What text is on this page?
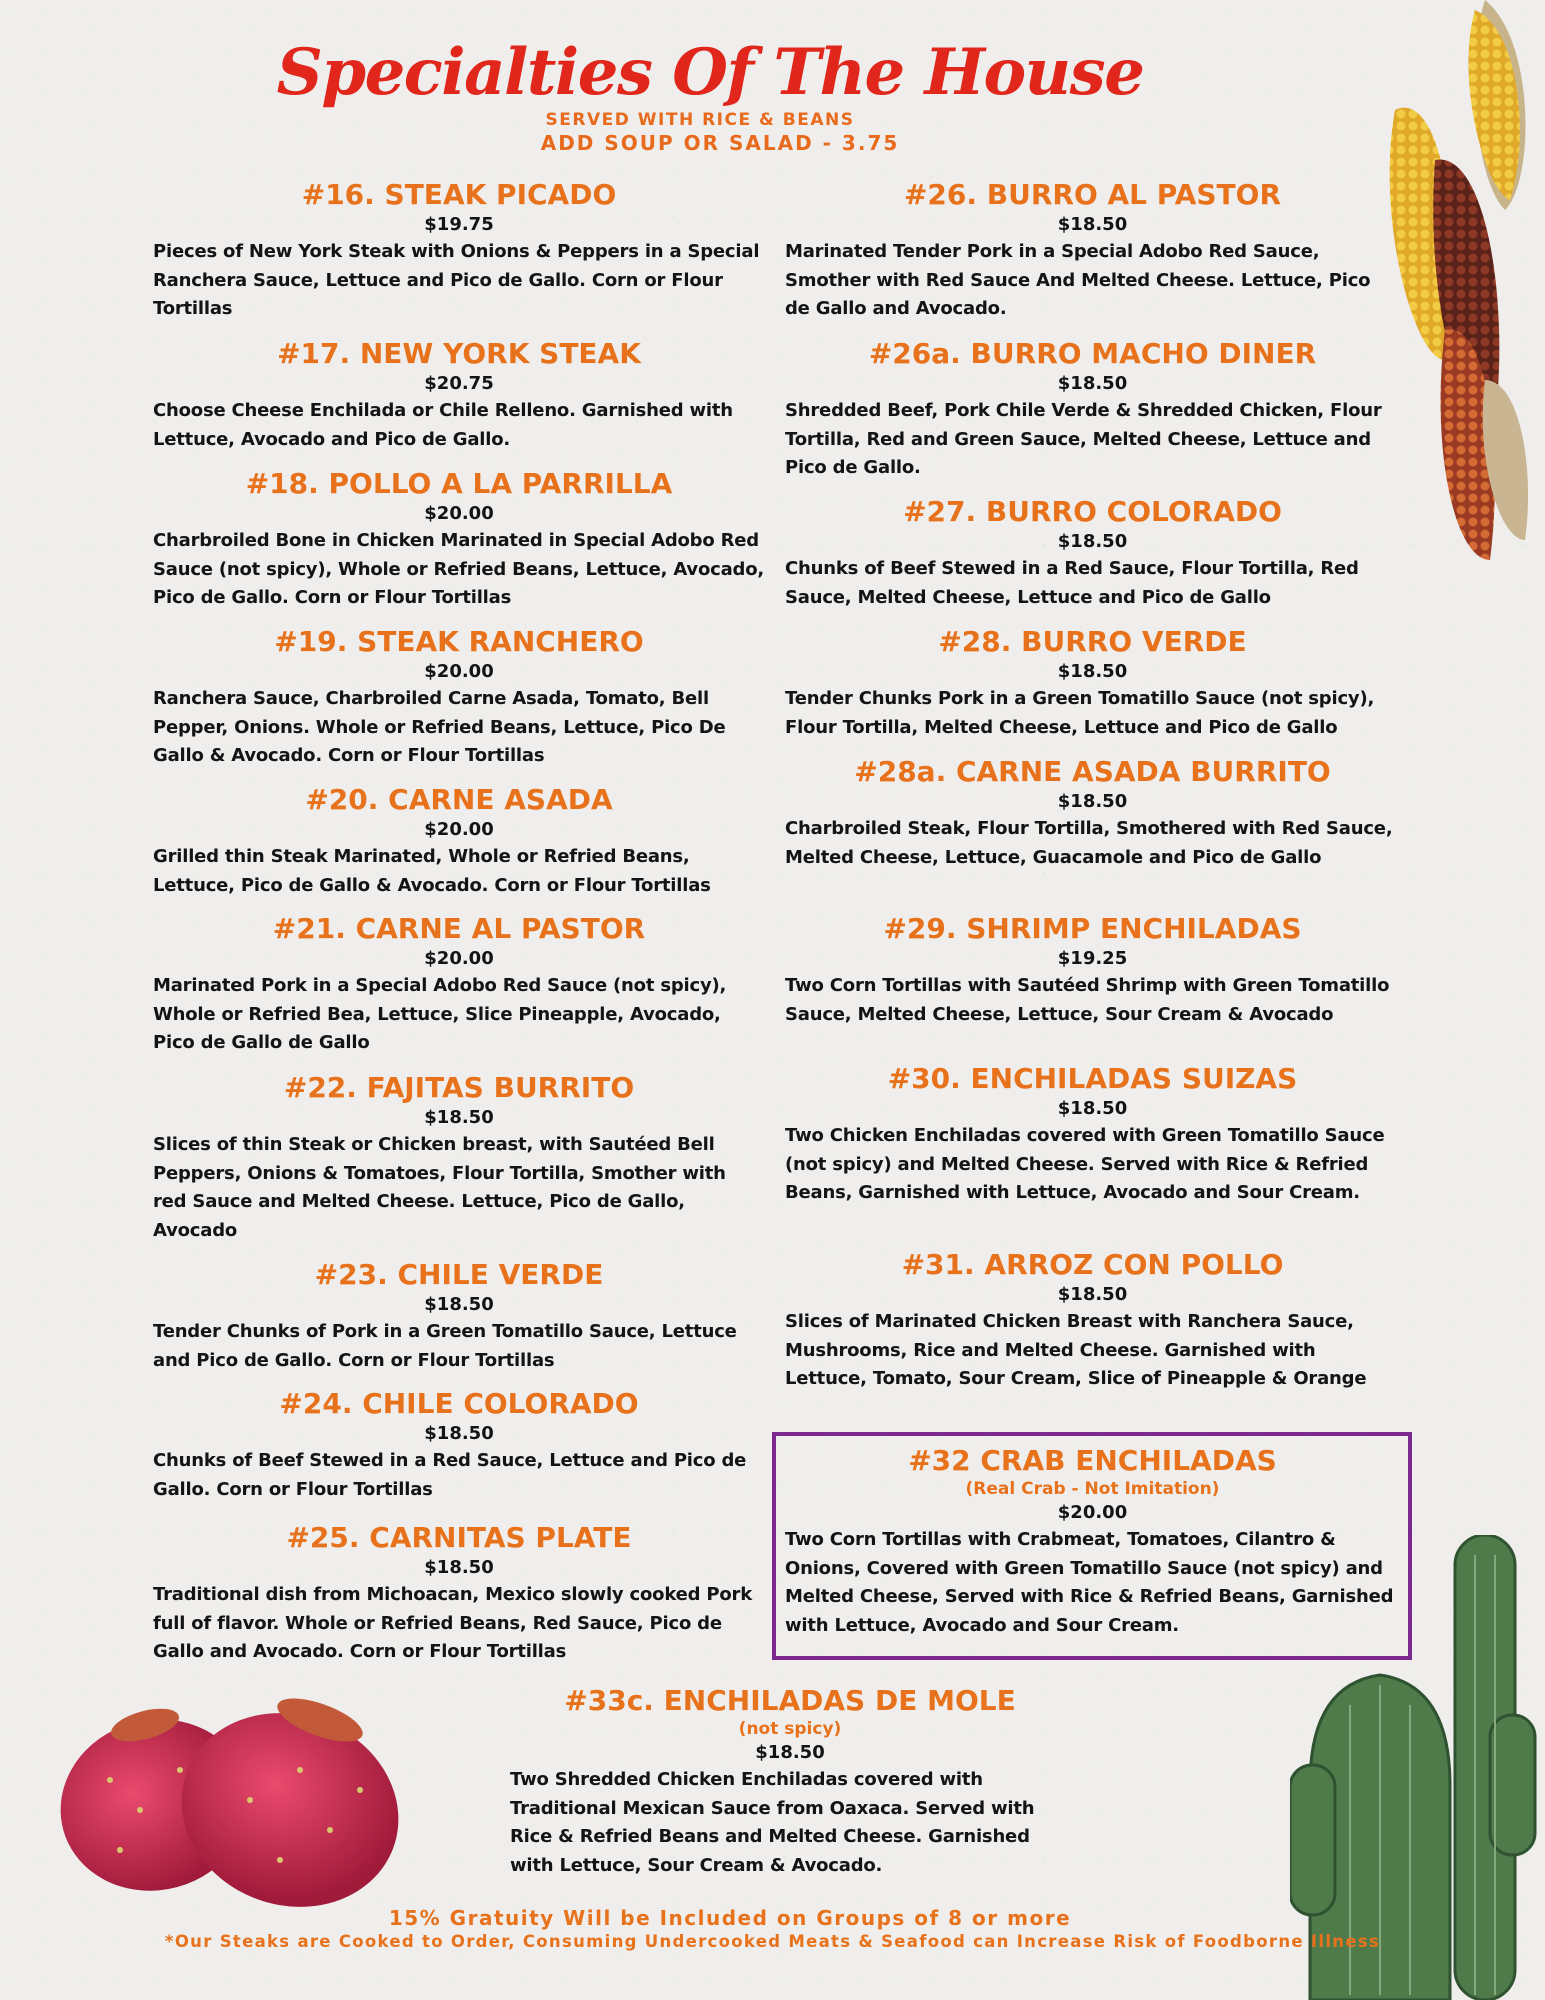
Specialties Of The House
SERVED WITH RICE & BEANS
ADD SOUP OR SALAD - 3.75
#16. STEAK PICADO
$19.75
Pieces of New York Steak with Onions & Peppers in a Special Ranchera Sauce, Lettuce and Pico de Gallo. Corn or Flour Tortillas
#17. NEW YORK STEAK
$20.75
Choose Cheese Enchilada or Chile Relleno. Garnished with Lettuce, Avocado and Pico de Gallo.
#18. POLLO A LA PARRILLA
$20.00
Charbroiled Bone in Chicken Marinated in Special Adobo Red Sauce (not spicy), Whole or Refried Beans, Lettuce, Avocado, Pico de Gallo. Corn or Flour Tortillas
#19. STEAK RANCHERO
$20.00
Ranchera Sauce, Charbroiled Carne Asada, Tomato, Bell Pepper, Onions. Whole or Refried Beans, Lettuce, Pico De Gallo & Avocado. Corn or Flour Tortillas
#20. CARNE ASADA
$20.00
Grilled thin Steak Marinated, Whole or Refried Beans, Lettuce, Pico de Gallo & Avocado. Corn or Flour Tortillas
#21. CARNE AL PASTOR
$20.00
Marinated Pork in a Special Adobo Red Sauce (not spicy), Whole or Refried Bea, Lettuce, Slice Pineapple, Avocado, Pico de Gallo de Gallo
#22. FAJITAS BURRITO
$18.50
Slices of thin Steak or Chicken breast, with Sautéed Bell Peppers, Onions & Tomatoes, Flour Tortilla, Smother with red Sauce and Melted Cheese. Lettuce, Pico de Gallo, Avocado
#23. CHILE VERDE
$18.50
Tender Chunks of Pork in a Green Tomatillo Sauce, Lettuce and Pico de Gallo. Corn or Flour Tortillas
#24. CHILE COLORADO
$18.50
Chunks of Beef Stewed in a Red Sauce, Lettuce and Pico de Gallo. Corn or Flour Tortillas
#25. CARNITAS PLATE
$18.50
Traditional dish from Michoacan, Mexico slowly cooked Pork full of flavor. Whole or Refried Beans, Red Sauce, Pico de Gallo and Avocado. Corn or Flour Tortillas
#26. BURRO AL PASTOR
$18.50
Marinated Tender Pork in a Special Adobo Red Sauce, Smother with Red Sauce And Melted Cheese. Lettuce, Pico de Gallo and Avocado.
#26a. BURRO MACHO DINER
$18.50
Shredded Beef, Pork Chile Verde & Shredded Chicken, Flour Tortilla, Red and Green Sauce, Melted Cheese, Lettuce and Pico de Gallo.
#27. BURRO COLORADO
$18.50
Chunks of Beef Stewed in a Red Sauce, Flour Tortilla, Red Sauce, Melted Cheese, Lettuce and Pico de Gallo
#28. BURRO VERDE
$18.50
Tender Chunks Pork in a Green Tomatillo Sauce (not spicy), Flour Tortilla, Melted Cheese, Lettuce and Pico de Gallo
#28a. CARNE ASADA BURRITO
$18.50
Charbroiled Steak, Flour Tortilla, Smothered with Red Sauce, Melted Cheese, Lettuce, Guacamole and Pico de Gallo
#29. SHRIMP ENCHILADAS
$19.25
Two Corn Tortillas with Sautéed Shrimp with Green Tomatillo Sauce, Melted Cheese, Lettuce, Sour Cream & Avocado
#30. ENCHILADAS SUIZAS
$18.50
Two Chicken Enchiladas covered with Green Tomatillo Sauce (not spicy) and Melted Cheese. Served with Rice & Refried Beans, Garnished with Lettuce, Avocado and Sour Cream.
#31. ARROZ CON POLLO
$18.50
Slices of Marinated Chicken Breast with Ranchera Sauce, Mushrooms, Rice and Melted Cheese. Garnished with Lettuce, Tomato, Sour Cream, Slice of Pineapple & Orange
#32 CRAB ENCHILADAS
(Real Crab - Not Imitation)
$20.00
Two Corn Tortillas with Crabmeat, Tomatoes, Cilantro & Onions, Covered with Green Tomatillo Sauce (not spicy) and Melted Cheese, Served with Rice & Refried Beans, Garnished with Lettuce, Avocado and Sour Cream.
#33c. ENCHILADAS DE MOLE
(not spicy)
$18.50
Two Shredded Chicken Enchiladas covered with Traditional Mexican Sauce from Oaxaca. Served with Rice & Refried Beans and Melted Cheese. Garnished with Lettuce, Sour Cream & Avocado.
15% Gratuity Will be Included on Groups of 8 or more
*Our Steaks are Cooked to Order, Consuming Undercooked Meats & Seafood can Increase Risk of Foodborne Illness
